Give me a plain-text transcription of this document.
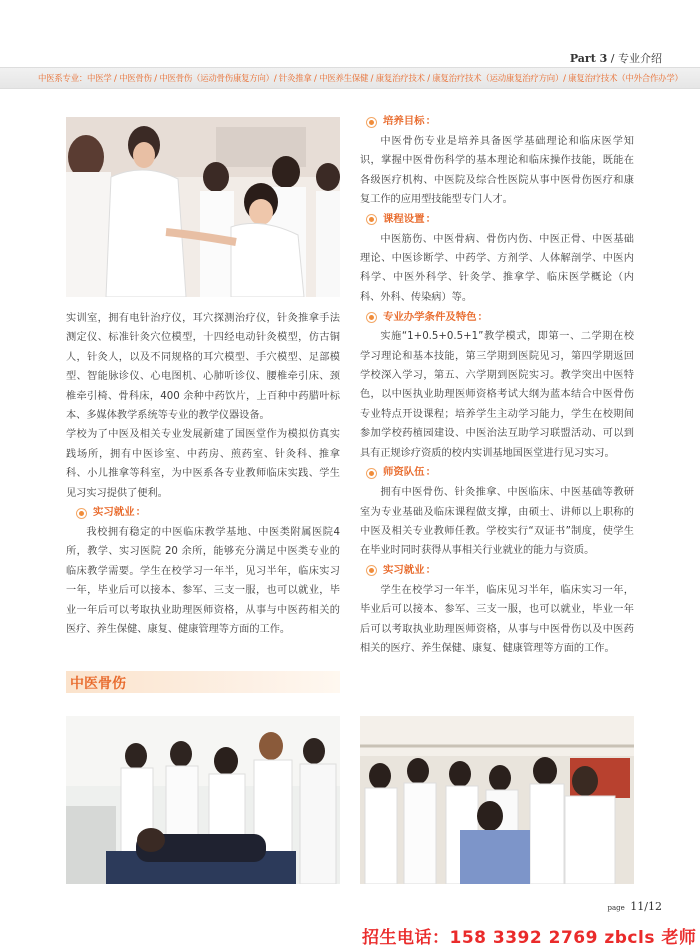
Part 3 / 专业介绍
中医系专业：中医学 / 中医骨伤 / 中医骨伤（运动骨伤康复方向）/ 针灸推拿 / 中医养生保健 / 康复治疗技术 / 康复治疗技术（运动康复治疗方向）/ 康复治疗技术（中外合作办学）

实训室，拥有电针治疗仪，耳穴探测治疗仪，针灸推拿手法测定仪、标准针灸穴位模型，十四经电动针灸模型，仿古铜人，针灸人，以及不同规格的耳穴模型、手穴模型、足部模型、智能脉诊仪、心电图机、心肺听诊仪、腰椎牵引床、颈椎牵引椅、骨科床，400 余种中药饮片，上百种中药腊叶标本、多媒体教学系统等专业的教学仪器设备。

学校为了中医及相关专业发展新建了国医堂作为模拟仿真实践场所，拥有中医诊室、中药房、煎药室、针灸科、推拿科、小儿推拿等科室，为中医系各专业教师临床实践、学生见习实习提供了便利。

实习就业 ：

我校拥有稳定的中医临床教学基地、中医类附属医院4 所，教学、实习医院 20 余所，能够充分满足中医类专业的临床教学需要。学生在校学习一年半，见习半年，临床实习一年，毕业后可以接本、参军、三支一服，也可以就业，毕业一年后可以考取执业助理医师资格，从事与中医药相关的医疗、养生保健、康复、健康管理等方面的工作。

中医骨伤
培养目标 ：

中医骨伤专业是培养具备医学基础理论和临床医学知识，掌握中医骨伤科学的基本理论和临床操作技能，既能在各级医疗机构、中医院及综合性医院从事中医骨伤医疗和康复工作的应用型技能型专门人才。

课程设置 ：

中医筋伤、中医骨病、骨伤内伤、中医正骨、中医基础理论、中医诊断学、中药学、方剂学、人体解剖学、中医内科学、中医外科学、针灸学、推拿学、临床医学概论（内科、外科、传染病）等。

专业办学条件及特色 ：

实施“1+0.5+0.5+1”教学模式，即第一、二学期在校学习理论和基本技能，第三学期到医院见习，第四学期返回学校深入学习，第五、六学期到医院实习。教学突出中医特色，以中医执业助理医师资格考试大纲为蓝本结合中医骨伤专业特点开设课程；培养学生主动学习能力，学生在校期间参加学校药植园建设、中医治法互助学习联盟活动、可以到具有正规诊疗资质的校内实训基地国医堂进行见习实习。

师资队伍 ：

拥有中医骨伤、针灸推拿、中医临床、中医基础等教研室为专业基础及临床课程做支撑，由硕士、讲师以上职称的中医及相关专业教师任教。学校实行“双证书”制度，使学生在毕业时同时获得从事相关行业就业的能力与资质。

实习就业 ：

学生在校学习一年半，临床见习半年，临床实习一年，毕业后可以接本、参军、三支一服，也可以就业，毕业一年后可以考取执业助理医师资格，从事与中医骨伤以及中医药相关的医疗、养生保健、康复、健康管理等方面的工作。

page 11/12
招生电话：158 3392 2769 zbcls 老师
